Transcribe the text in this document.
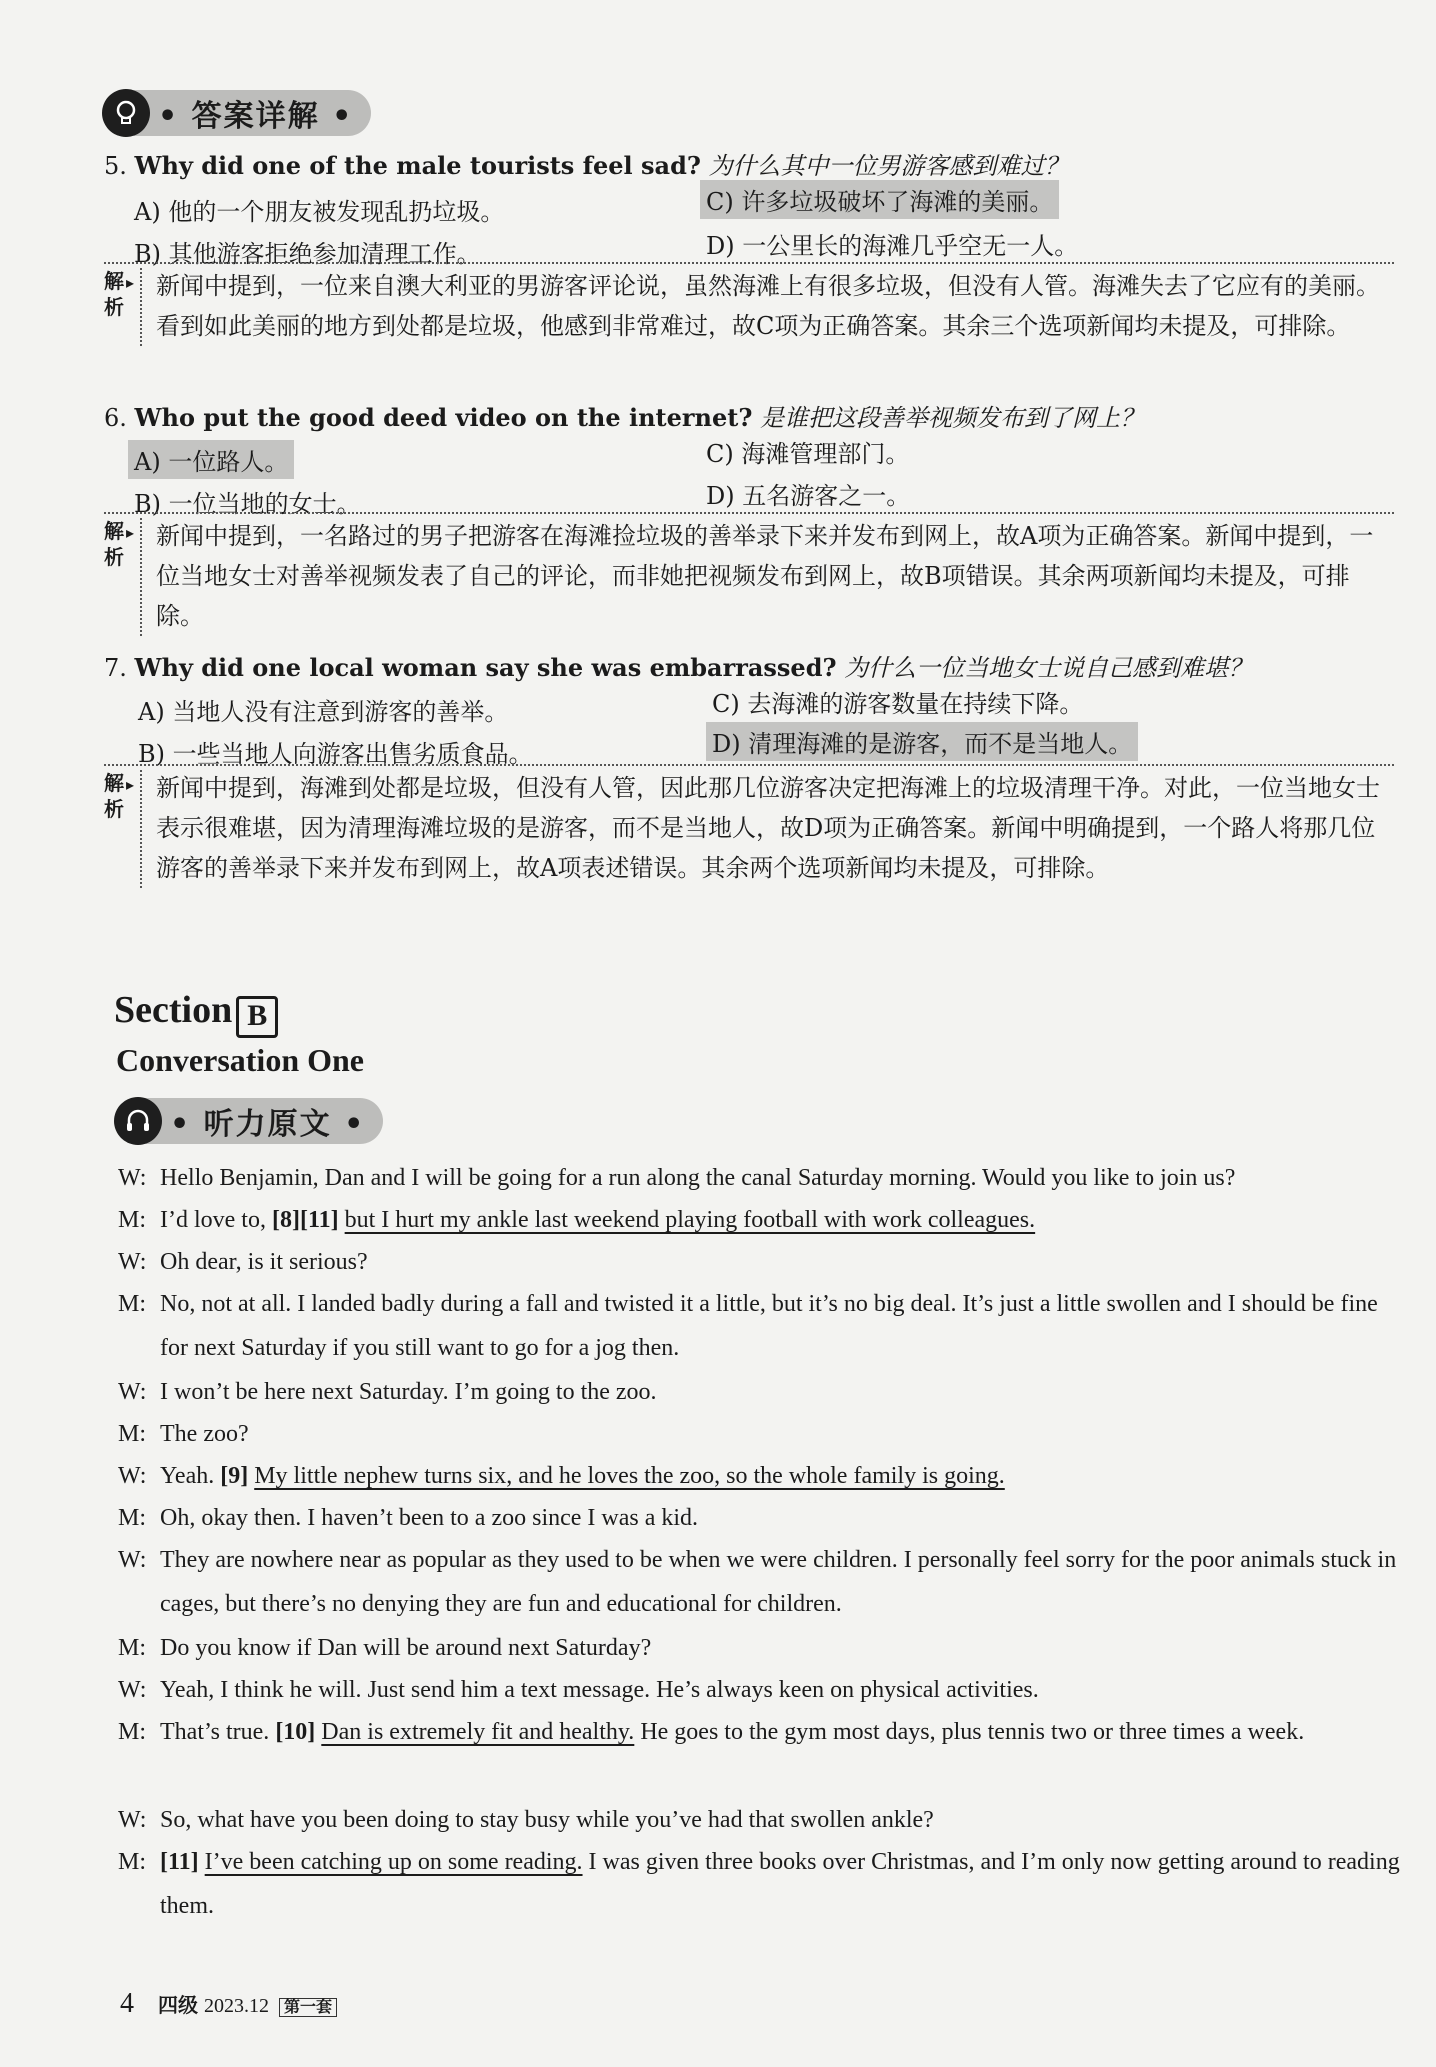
• 答案详解 •
5. Why did one of the male tourists feel sad? 为什么其中一位男游客感到难过？
A) 他的一个朋友被发现乱扔垃圾。	C) 许多垃圾破坏了海滩的美丽。
B) 其他游客拒绝参加清理工作。	D) 一公里长的海滩几乎空无一人。
解析 ▸
新闻中提到，一位来自澳大利亚的男游客评论说，虽然海滩上有很多垃圾，但没有人管。海滩失去了它应有的美丽。看到如此美丽的地方到处都是垃圾，他感到非常难过，故C项为正确答案。其余三个选项新闻均未提及，可排除。
6. Who put the good deed video on the internet? 是谁把这段善举视频发布到了网上？
A) 一位路人。	C) 海滩管理部门。
B) 一位当地的女士。	D) 五名游客之一。
解析 ▸
新闻中提到，一名路过的男子把游客在海滩捡垃圾的善举录下来并发布到网上，故A项为正确答案。新闻中提到，一位当地女士对善举视频发表了自己的评论，而非她把视频发布到网上，故B项错误。其余两项新闻均未提及，可排除。
7. Why did one local woman say she was embarrassed? 为什么一位当地女士说自己感到难堪？
A) 当地人没有注意到游客的善举。	C) 去海滩的游客数量在持续下降。
B) 一些当地人向游客出售劣质食品。	D) 清理海滩的是游客，而不是当地人。
解析 ▸
新闻中提到，海滩到处都是垃圾，但没有人管，因此那几位游客决定把海滩上的垃圾清理干净。对此，一位当地女士表示很难堪，因为清理海滩垃圾的是游客，而不是当地人，故D项为正确答案。新闻中明确提到，一个路人将那几位游客的善举录下来并发布到网上，故A项表述错误。其余两个选项新闻均未提及，可排除。
Section B
Conversation One
• 听力原文 •
W: Hello Benjamin, Dan and I will be going for a run along the canal Saturday morning. Would you like to join us?
M: I’d love to, [8][11] but I hurt my ankle last weekend playing football with work colleagues.
W: Oh dear, is it serious?
M: No, not at all. I landed badly during a fall and twisted it a little, but it’s no big deal. It’s just a little swollen and I should be fine for next Saturday if you still want to go for a jog then.
W: I won’t be here next Saturday. I’m going to the zoo.
M: The zoo?
W: Yeah. [9] My little nephew turns six, and he loves the zoo, so the whole family is going.
M: Oh, okay then. I haven’t been to a zoo since I was a kid.
W: They are nowhere near as popular as they used to be when we were children. I personally feel sorry for the poor animals stuck in cages, but there’s no denying they are fun and educational for children.
M: Do you know if Dan will be around next Saturday?
W: Yeah, I think he will. Just send him a text message. He’s always keen on physical activities.
M: That’s true. [10] Dan is extremely fit and healthy. He goes to the gym most days, plus tennis two or three times a week.
W: So, what have you been doing to stay busy while you’ve had that swollen ankle?
M: [11] I’ve been catching up on some reading. I was given three books over Christmas, and I’m only now getting around to reading them.
4 四级 2023.12 第一套
